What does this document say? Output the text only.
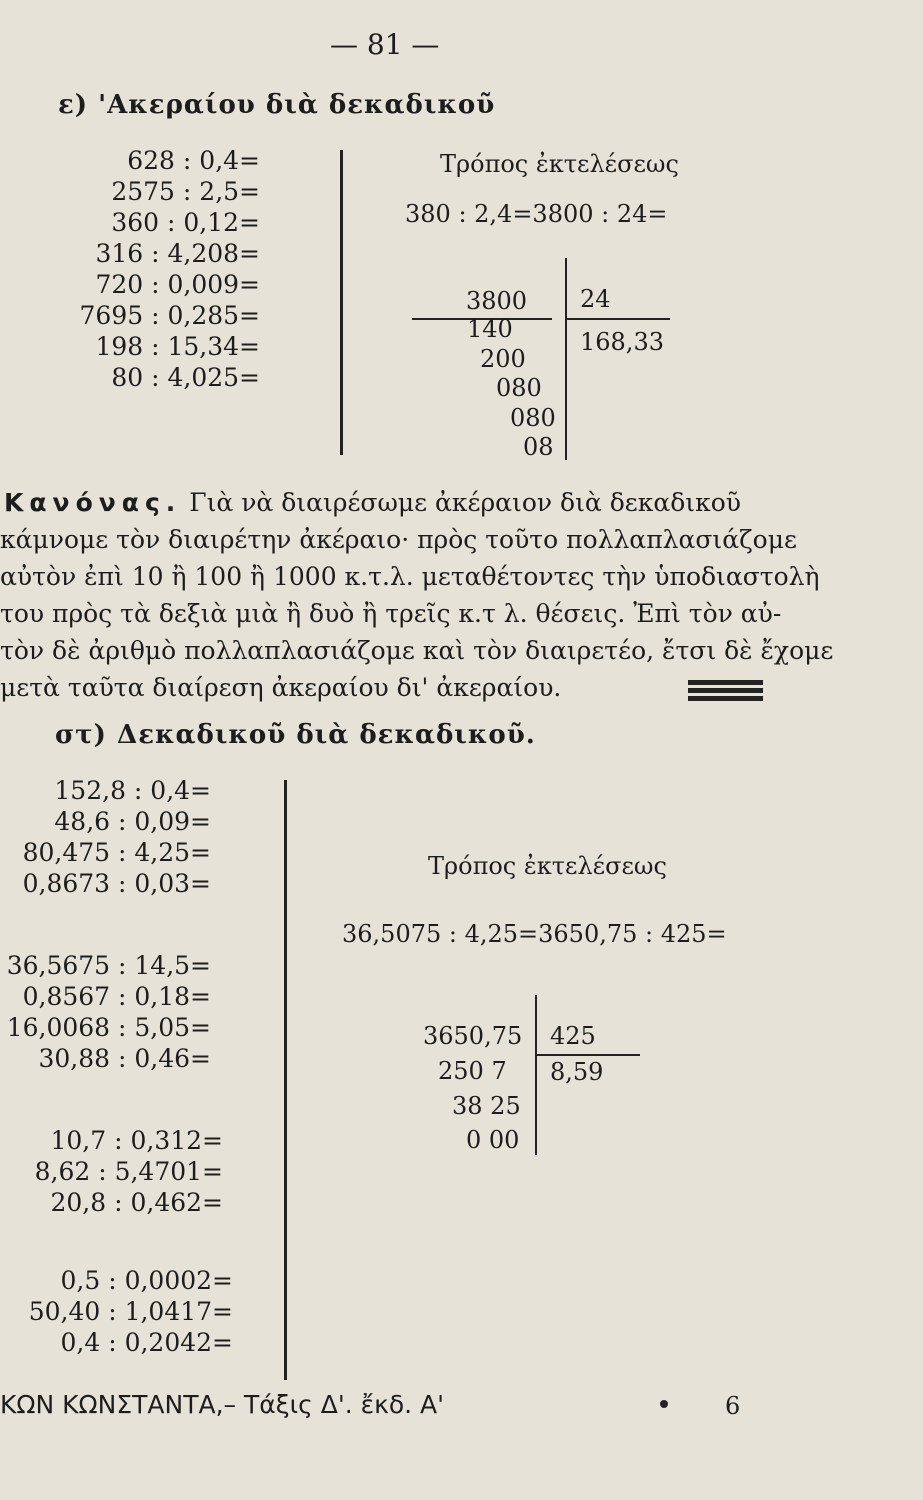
— 81 —
ε) 'Ακεραίου διὰ δεκαδικοῦ
628 : 0,4=
2575 : 2,5=
360 : 0,12=
316 : 4,208=
720 : 0,009=
7695 : 0,285=
198 : 15,34=
80 : 4,025=
Τρόπος ἐκτελέσεως
380 : 2,4=3800 : 24=
3800 24
168,33
140
200
080
080
08
Κανόνας. Γιὰ νὰ διαιρέσωμε ἀκέραιον διὰ δεκαδικοῦ
κάμνομε τὸν διαιρέτην ἀκέραιο· πρὸς τοῦτο πολλαπλασιάζομε
αὐτὸν ἐπὶ 10 ἢ 100 ἢ 1000 κ.τ.λ. μεταθέτοντες τὴν ὑποδιαστολὴ
του πρὸς τὰ δεξιὰ μιὰ ἢ δυὸ ἢ τρεῖς κ.τ λ. θέσεις. Ἐπὶ τὸν αὐ-
τὸν δὲ ἀριθμὸ πολλαπλασιάζομε καὶ τὸν διαιρετέο, ἔτσι δὲ ἔχομε
μετὰ ταῦτα διαίρεση ἀκεραίου δι' ἀκεραίου.
στ) Δεκαδικοῦ διὰ δεκαδικοῦ.
152,8 : 0,4=
48,6 : 0,09=
80,475 : 4,25=
0,8673 : 0,03=
36,5675 : 14,5=
0,8567 : 0,18=
16,0068 : 5,05=
30,88 : 0,46=
10,7 : 0,312=
8,62 : 5,4701=
20,8 : 0,462=
0,5 : 0,0002=
50,40 : 1,0417=
0,4 : 0,2042=
Τρόπος ἐκτελέσεως
36,5075 : 4,25=3650,75 : 425=
3650,75 425
8,59
250 7
38 25
0 00
ΚΩΝ ΚΩΝΣΤΑΝΤΑ,– Τάξις Δ'. ἔκδ. Α'	6
